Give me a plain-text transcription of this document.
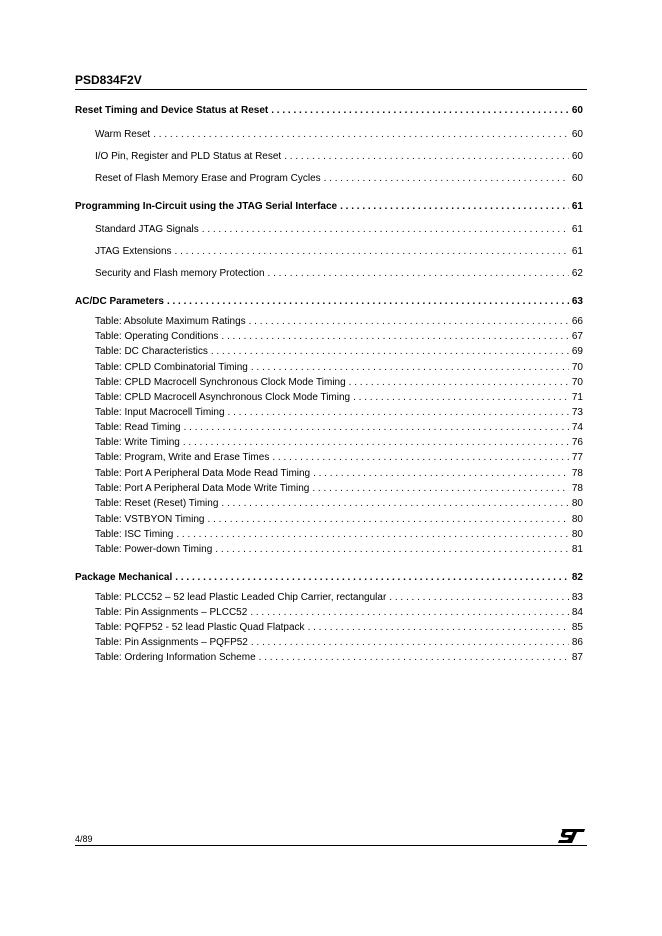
PSD834F2V
Reset Timing and Device Status at Reset . . .	60
Warm Reset . . .	60
I/O Pin, Register and PLD Status at Reset . . .	60
Reset of Flash Memory Erase and Program Cycles . . .	60
Programming In-Circuit using the JTAG Serial Interface . . .	61
Standard JTAG Signals . . .	61
JTAG Extensions . . .	61
Security and Flash memory Protection . . .	62
AC/DC Parameters . . .	63
Table: Absolute Maximum Ratings . . .	66
Table: Operating Conditions . . .	67
Table: DC Characteristics . . .	69
Table: CPLD Combinatorial Timing . . .	70
Table: CPLD Macrocell Synchronous Clock Mode Timing . . .	70
Table: CPLD Macrocell Asynchronous Clock Mode Timing . . .	71
Table: Input Macrocell Timing . . .	73
Table: Read Timing . . .	74
Table: Write Timing . . .	76
Table: Program, Write and Erase Times . . .	77
Table: Port A Peripheral Data Mode Read Timing . . .	78
Table: Port A Peripheral Data Mode Write Timing . . .	78
Table: Reset (Reset) Timing . . .	80
Table: VSTBYON Timing . . .	80
Table: ISC Timing . . .	80
Table: Power-down Timing . . .	81
Package Mechanical . . .	82
Table: PLCC52 – 52 lead Plastic Leaded Chip Carrier, rectangular . . .	83
Table: Pin Assignments – PLCC52 . . .	84
Table: PQFP52 - 52 lead Plastic Quad Flatpack . . .	85
Table: Pin Assignments – PQFP52 . . .	86
Table: Ordering Information Scheme . . .	87
4/89
